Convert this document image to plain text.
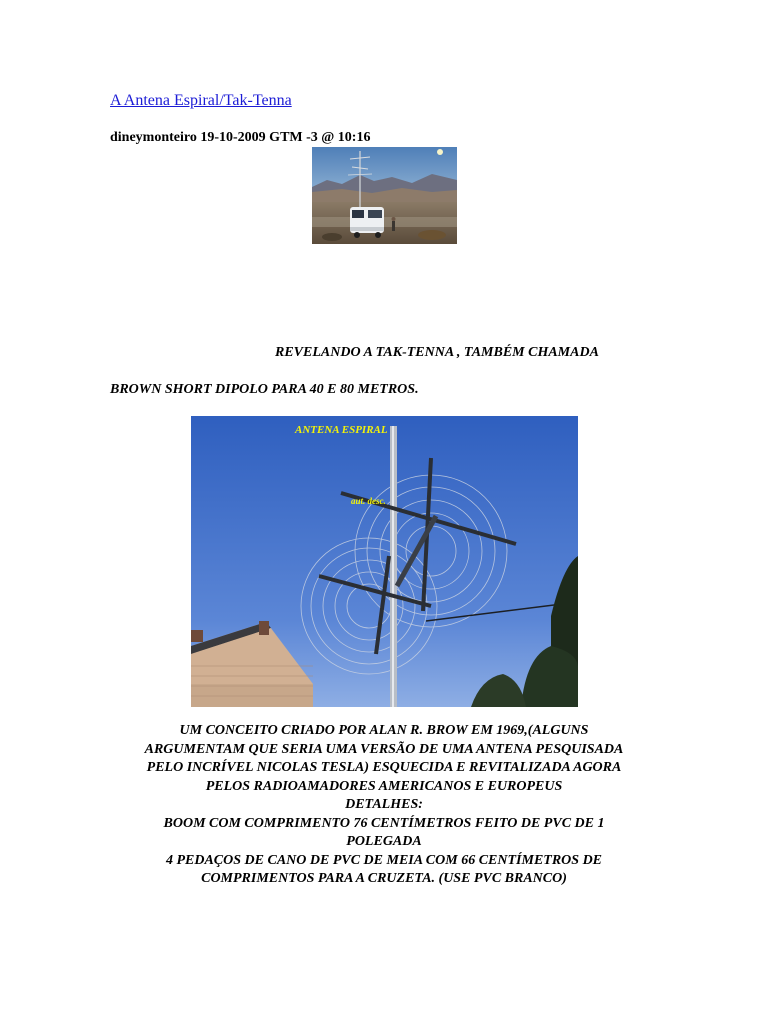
A Antena Espiral/Tak-Tenna
dineymonteiro 19-10-2009 GTM -3 @ 10:16
REVELANDO A TAK-TENNA , TAMBÉM CHAMADA
BROWN SHORT DIPOLO PARA 40 E 80 METROS.
ANTENA ESPIRAL
aut. desc.
UM CONCEITO CRIADO POR ALAN R. BROW EM 1969,(ALGUNS
ARGUMENTAM QUE SERIA UMA VERSÃO DE UMA ANTENA PESQUISADA
PELO INCRÍVEL NICOLAS TESLA) ESQUECIDA E REVITALIZADA AGORA
PELOS RADIOAMADORES AMERICANOS E EUROPEUS
DETALHES:
BOOM COM COMPRIMENTO 76 CENTÍMETROS FEITO DE PVC DE 1
POLEGADA
4 PEDAÇOS DE CANO DE PVC DE MEIA COM 66 CENTÍMETROS DE
COMPRIMENTOS PARA A CRUZETA. (USE PVC BRANCO)
